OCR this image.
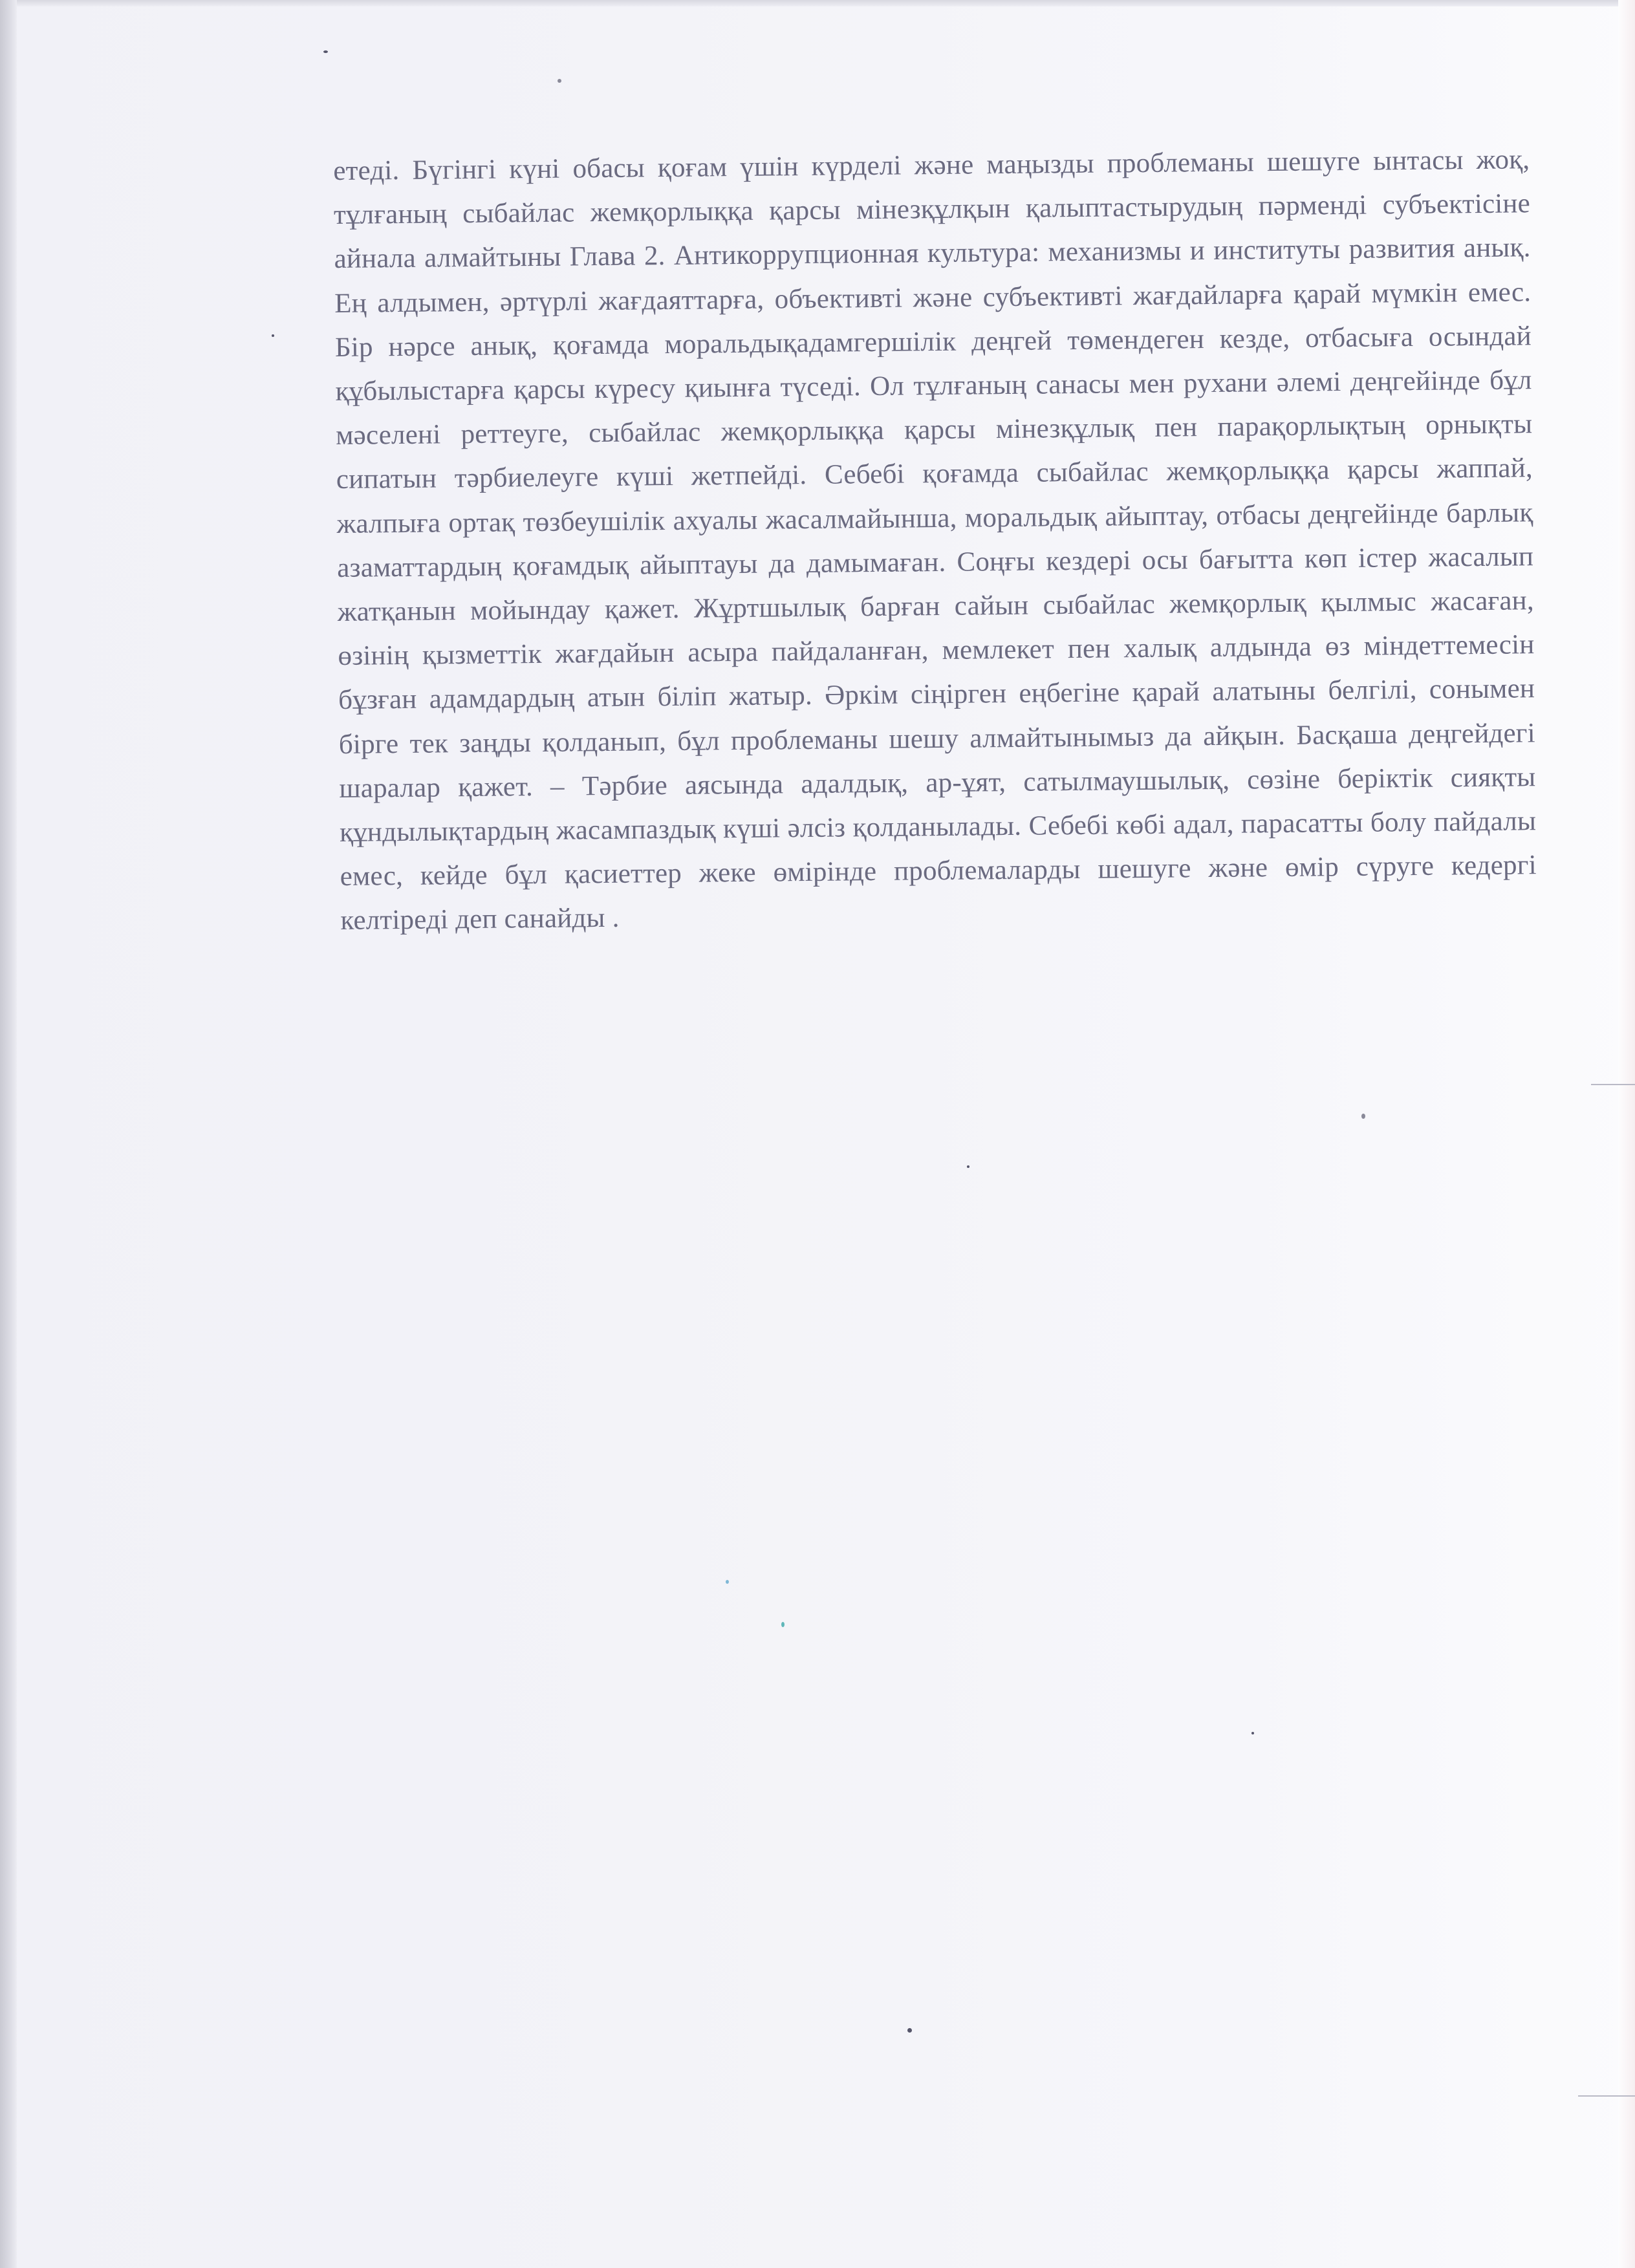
етеді. Бүгінгі күні обасы қоғам үшін күрделі және маңызды проблеманы шешуге ынтасы жоқ, тұлғаның сыбайлас жемқорлыққа қарсы мінезқұлқын қалыптастырудың пәрменді субъектісіне айнала алмайтыны Глава 2. Антикоррупционная культура: механизмы и институты развития анық. Ең алдымен, әртүрлі жағдаяттарға, объективті және субъективті жағдайларға қарай мүмкін емес. Бір нәрсе анық, қоғамда моральдықадамгершілік деңгей төмендеген кезде, отбасыға осындай құбылыстарға қарсы күресу қиынға түседі. Ол тұлғаның санасы мен рухани әлемі деңгейінде бұл мәселені реттеуге, сыбайлас жемқорлыққа қарсы мінезқұлық пен парақорлықтың орнықты сипатын тәрбиелеуге күші жетпейді. Себебі қоғамда сыбайлас жемқорлыққа қарсы жаппай, жалпыға ортақ төзбеушілік ахуалы жасалмайынша, моральдық айыптау, отбасы деңгейінде барлық азаматтардың қоғамдық айыптауы да дамымаған. Соңғы кездері осы бағытта көп істер жасалып жатқанын мойындау қажет. Жұртшылық барған сайын сыбайлас жемқорлық қылмыс жасаған, өзінің қызметтік жағдайын асыра пайдаланған, мемлекет пен халық алдында өз міндеттемесін бұзған адамдардың атын біліп жатыр. Әркім сіңірген еңбегіне қарай алатыны белгілі, сонымен бірге тек заңды қолданып, бұл проблеманы шешу алмайтынымыз да айқын. Басқаша деңгейдегі шаралар қажет. – Тәрбие аясында адалдық, ар-ұят, сатылмаушылық, сөзіне беріктік сияқты құндылықтардың жасампаздық күші әлсіз қолданылады. Себебі көбі адал, парасатты болу пайдалы емес, кейде бұл қасиеттер жеке өмірінде проблемаларды шешуге және өмір сүруге кедергі келтіреді деп санайды .
